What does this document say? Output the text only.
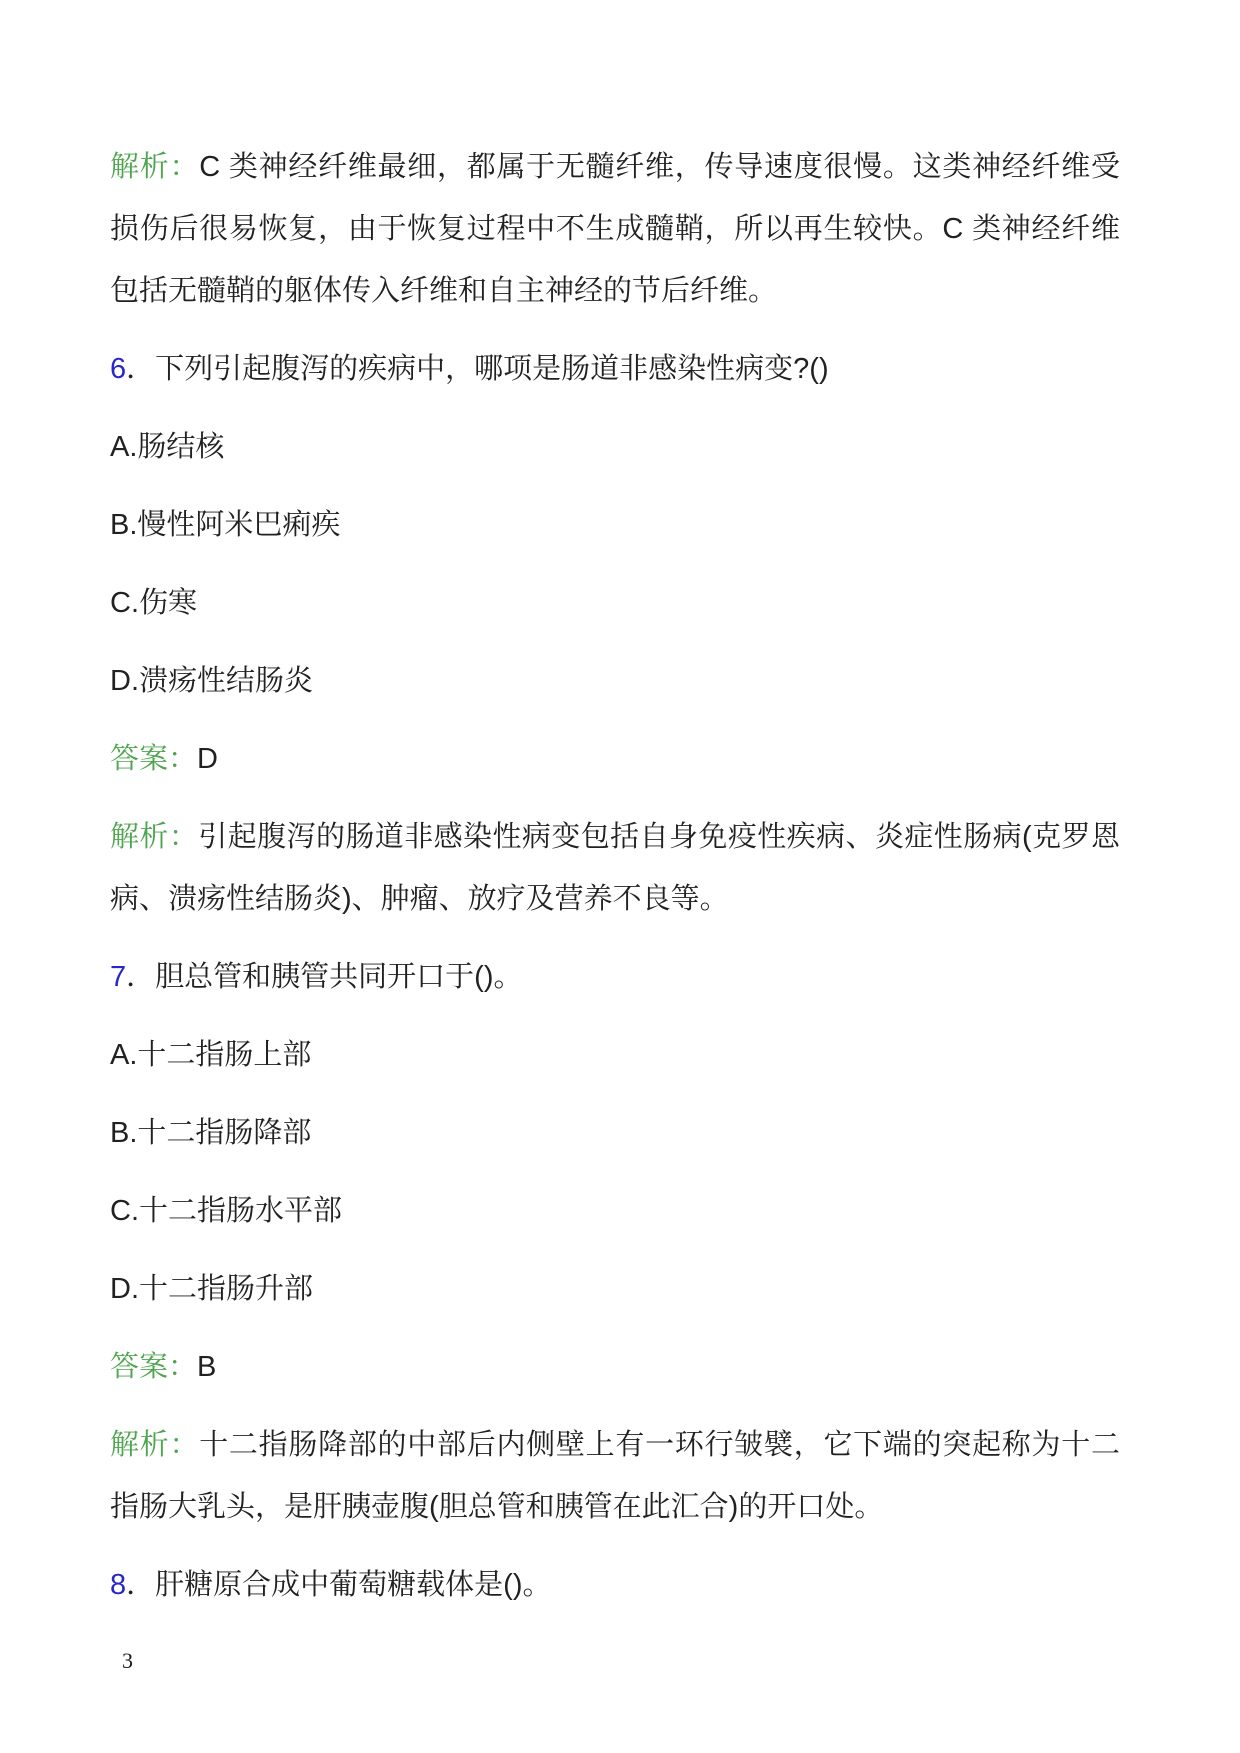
解析：C 类神经纤维最细，都属于无髓纤维，传导速度很慢。这类神经纤维受损伤后很易恢复，由于恢复过程中不生成髓鞘，所以再生较快。C 类神经纤维包括无髓鞘的躯体传入纤维和自主神经的节后纤维。

6．下列引起腹泻的疾病中，哪项是肠道非感染性病变?()

A.肠结核

B.慢性阿米巴痢疾

C.伤寒

D.溃疡性结肠炎

答案：D

解析：引起腹泻的肠道非感染性病变包括自身免疫性疾病、炎症性肠病(克罗恩病、溃疡性结肠炎)、肿瘤、放疗及营养不良等。

7．胆总管和胰管共同开口于()。

A.十二指肠上部

B.十二指肠降部

C.十二指肠水平部

D.十二指肠升部

答案：B

解析：十二指肠降部的中部后内侧壁上有一环行皱襞，它下端的突起称为十二指肠大乳头，是肝胰壶腹(胆总管和胰管在此汇合)的开口处。

8．肝糖原合成中葡萄糖载体是()。

3
